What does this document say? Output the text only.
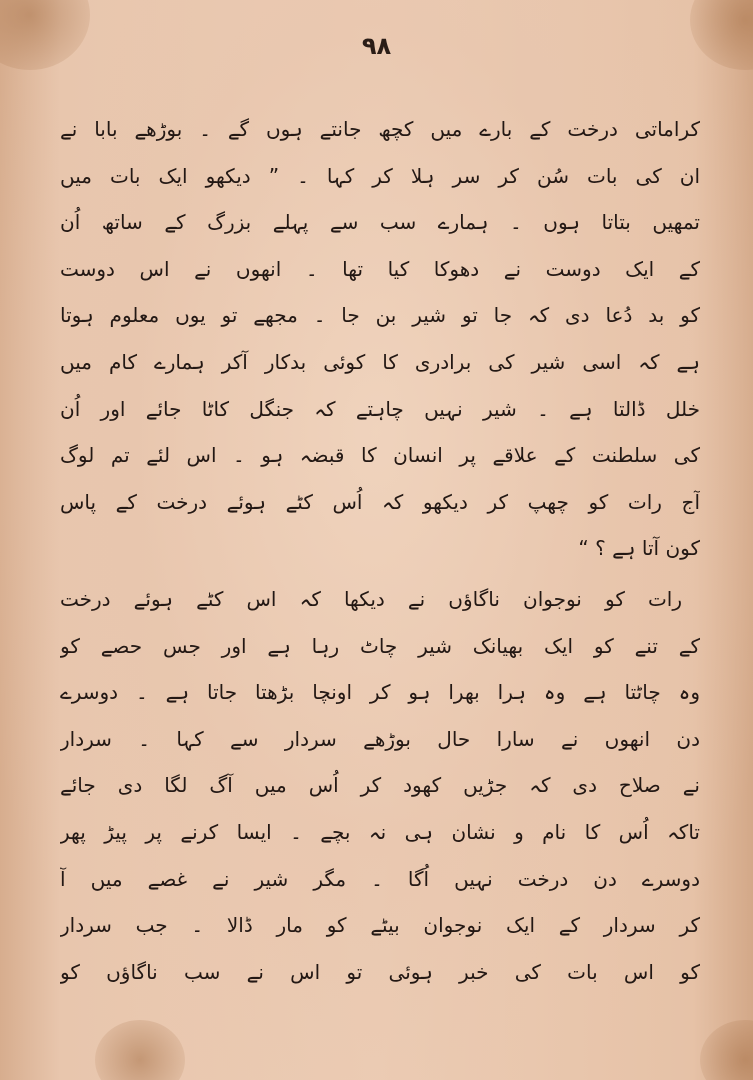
٩٨
کراماتی درخت کے بارے میں کچھ جانتے ہوں گے ۔ بوڑھے بابا نے
ان کی بات سُن کر سر ہلا کر کہا ۔ ” دیکھو ایک بات میں
تمھیں بتاتا ہوں ۔ ہمارے سب سے پہلے بزرگ کے ساتھ اُن
کے ایک دوست نے دھوکا کیا تھا ۔ انھوں نے اس دوست
کو بد دُعا دی کہ جا تو شیر بن جا ۔ مجھے تو یوں معلوم ہوتا
ہے کہ اسی شیر کی برادری کا کوئی بدکار آکر ہمارے کام میں
خلل ڈالتا ہے ۔ شیر نہیں چاہتے کہ جنگل کاٹا جائے اور اُن
کی سلطنت کے علاقے پر انسان کا قبضہ ہو ۔ اس لئے تم لوگ
آج رات کو چھپ کر دیکھو کہ اُس کٹے ہوئے درخت کے پاس
کون آتا ہے ؟ “
رات کو نوجوان ناگاؤں نے دیکھا کہ اس کٹے ہوئے درخت
کے تنے کو ایک بھیانک شیر چاٹ رہا ہے اور جس حصے کو
وہ چاٹتا ہے وہ ہرا بھرا ہو کر اونچا بڑھتا جاتا ہے ۔ دوسرے
دن انھوں نے سارا حال بوڑھے سردار سے کہا ۔ سردار
نے صلاح دی کہ جڑیں کھود کر اُس میں آگ لگا دی جائے
تاکہ اُس کا نام و نشان ہی نہ بچے ۔ ایسا کرنے پر پیڑ پھر
دوسرے دن درخت نہیں اُگا ۔ مگر شیر نے غصے میں آ
کر سردار کے ایک نوجوان بیٹے کو مار ڈالا ۔ جب سردار
کو اس بات کی خبر ہوئی تو اس نے سب ناگاؤں کو
